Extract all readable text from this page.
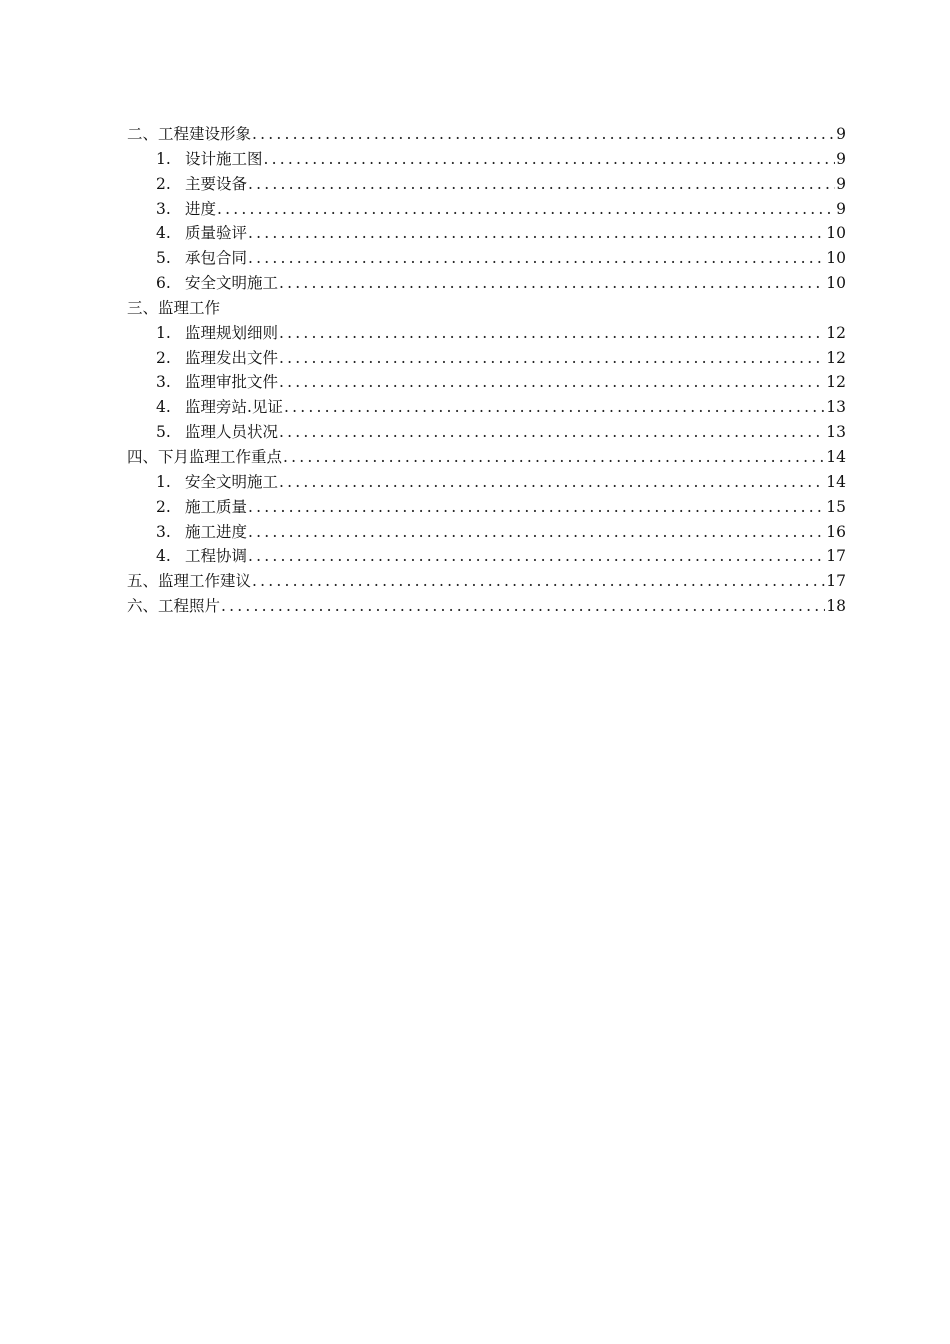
二、 工程建设形象 .....	9
1. 设计施工图 .....	9
2. 主要设备 .....	9
3. 进度 .....	9
4. 质量验评 .....	10
5. 承包合同 .....	10
6. 安全文明施工 .....	10
三、 监理工作
1. 监理规划细则 .....	12
2. 监理发出文件 .....	12
3. 监理审批文件 .....	12
4. 监理旁站.见证 .....	13
5. 监理人员状况 .....	13
四、 下月监理工作重点 .....	14
1. 安全文明施工 .....	14
2. 施工质量 .....	15
3. 施工进度 .....	16
4. 工程协调 .....	17
五、 监理工作建议 .....	17
六、 工程照片 .....	18
